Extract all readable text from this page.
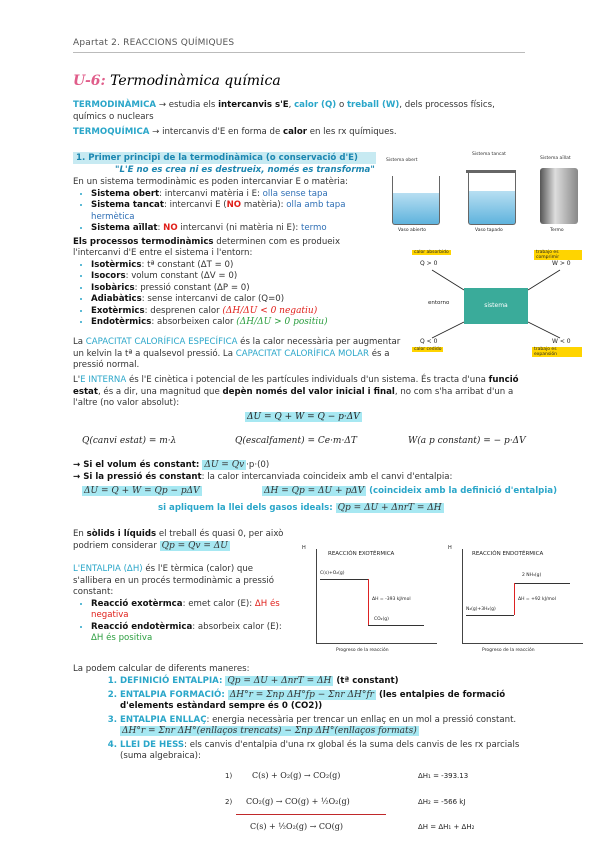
Apartat 2. REACCIONS QUÍMIQUES
U-6: Termodinàmica química
TERMODINÀMICA → estudia els intercanvis s'E, calor (Q) o treball (W), dels processos físics, químics o nuclears
TERMOQUÍMICA → intercanvis d'E en forma de calor en les rx químiques.
1. Primer principi de la termodinàmica (o conservació d'E)
"L'E no es crea ni es destrueix, només es transforma"
En un sistema termodinàmic es poden intercanviar E o matèria:
• Sistema obert: intercanvi matèria i E: olla sense tapa
• Sistema tancat: intercanvi E (NO matèria): olla amb tapa hermètica
• Sistema aïllat: NO intercanvi (ni matèria ni E): termo
Els processos termodinàmics determinen com es produeix l'intercanvi d'E entre el sistema i l'entorn:
• Isotèrmics: tª constant (ΔT = 0)
• Isocors: volum constant (ΔV = 0)
• Isobàrics: pressió constant (ΔP = 0)
• Adiabàtics: sense intercanvi de calor (Q=0)
• Exotèrmics: desprenen calor (ΔH/ΔU < 0 negatiu)
• Endotèrmics: absorbeixen calor (ΔH/ΔU > 0 positiu)
Sistema obert
Sistema tancat
Sistema aïllat
Vaso abierto	Vaso tapado	Termo
calor absorbido	trabajo es comprimir
Q > 0	W > 0
entorno	sistema
Q < 0	W < 0
calor cedido	trabajo es expansión
La CAPACITAT CALORÍFICA ESPECÍFICA és la calor necessària per augmentar un kelvin la tª a qualsevol pressió. La CAPACITAT CALORÍFICA MOLAR és a pressió normal.
L'E INTERNA és l'E cinètica i potencial de les partícules individuals d'un sistema. És tracta d'una funció estat, és a dir, una magnitud que depèn només del valor inicial i final, no com s'ha arribat d'un a l'altre (no valor absolut):
ΔU = Q + W = Q − p·ΔV
Q(canvi estat) = m·λ	Q(escalfament) = Ce·m·ΔT	W(a p constant) = − p·ΔV
→ Si el volum és constant: ΔU = Qv ·p·(0)
→ Si la pressió és constant: la calor intercanviada coincideix amb el canvi d'entalpia:
ΔU = Q + W = Qp − pΔV	ΔH = Qp = ΔU + pΔV (coincideix amb la definició d'entalpia)
si apliquem la llei dels gasos ideals: Qp = ΔU + ΔnrT = ΔH
En sòlids i líquids el treball és quasi 0, per això podriem considerar Qp = Qv = ΔU
L'ENTALPIA (ΔH) és l'E tèrmica (calor) que s'allibera en un procés termodinàmic a pressió constant:
• Reacció exotèrmca: emet calor (E): ΔH és negativa
• Reacció endotèrmica: absorbeix calor (E): ΔH és positiva
H
REACCIÓN EXOTÉRMICA
C(s)+O₂(g)
ΔH = -393 kJ/mol
CO₂(g)
Progreso de la reacción
H
REACCIÓN ENDOTÉRMICA
2 NH₃(g)
ΔH = +92 kJ/mol
N₂(g)+3H₂(g)
Progreso de la reacción
La podem calcular de diferents maneres:
1. DEFINICIÓ ENTALPIA: Qp = ΔU + ΔnrT = ΔH (tª constant)
2. ENTALPIA FORMACIÓ: ΔH°r = Σnp ΔH°fp − Σnr ΔH°fr (les entalpies de formació d'elements estàndard sempre és 0 (CO2))
3. ENTALPIA ENLLAÇ: energia necessària per trencar un enllaç en un mol a pressió constant.
ΔH°r = Σnr ΔH°(enllaços trencats) − Σnp ΔH°(enllaços formats)
4. LLEI DE HESS: els canvis d'entalpia d'una rx global és la suma dels canvis de les rx parcials (suma algebraica):
1) C(s) + O₂(g) → CO₂(g)	ΔH₁ = -393.13
2) CO₂(g) → CO(g) + ½O₂(g)	ΔH₂ = -566 kJ
C(s) + ½O₂(g) → CO(g)	ΔH = ΔH₁ + ΔH₂
